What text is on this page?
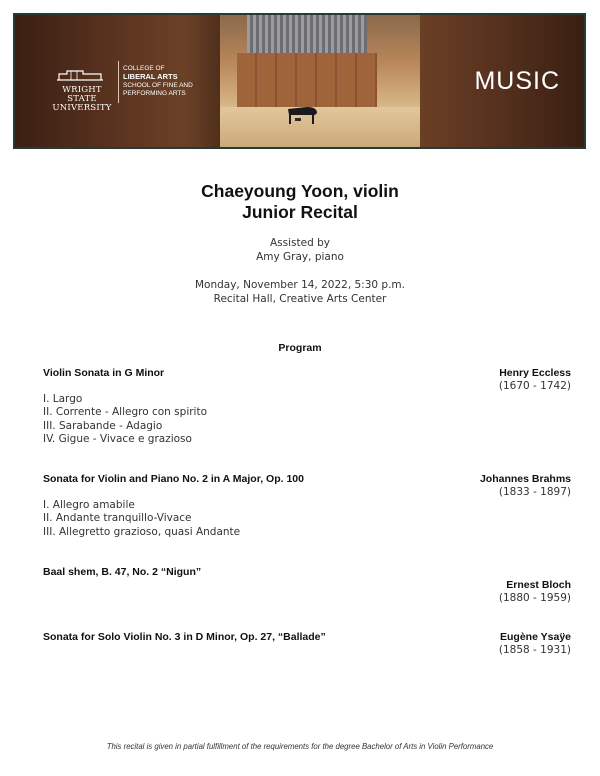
WRIGHT STATE
UNIVERSITY
COLLEGE OF
LIBERAL ARTS
SCHOOL OF FINE AND
PERFORMING ARTS	MUSIC
Chaeyoung Yoon, violin
Junior Recital
Assisted by
Amy Gray, piano
Monday, November 14, 2022, 5:30 p.m.
Recital Hall, Creative Arts Center
Program
Violin Sonata in G Minor	Henry Eccless
(1670 - 1742)
I. Largo
II. Corrente - Allegro con spirito
III. Sarabande - Adagio
IV. Gigue - Vivace e grazioso
Sonata for Violin and Piano No. 2 in A Major, Op. 100	Johannes Brahms
(1833 - 1897)
I. Allegro amabile
II. Andante tranquillo-Vivace
III. Allegretto grazioso, quasi Andante
Baal shem, B. 47, No. 2 “Nigun”
Ernest Bloch
(1880 - 1959)
Sonata for Solo Violin No. 3 in D Minor, Op. 27, “Ballade”	Eugène Ysaÿe
(1858 - 1931)
This recital is given in partial fulfillment of the requirements for the degree Bachelor of Arts in Violin Performance
